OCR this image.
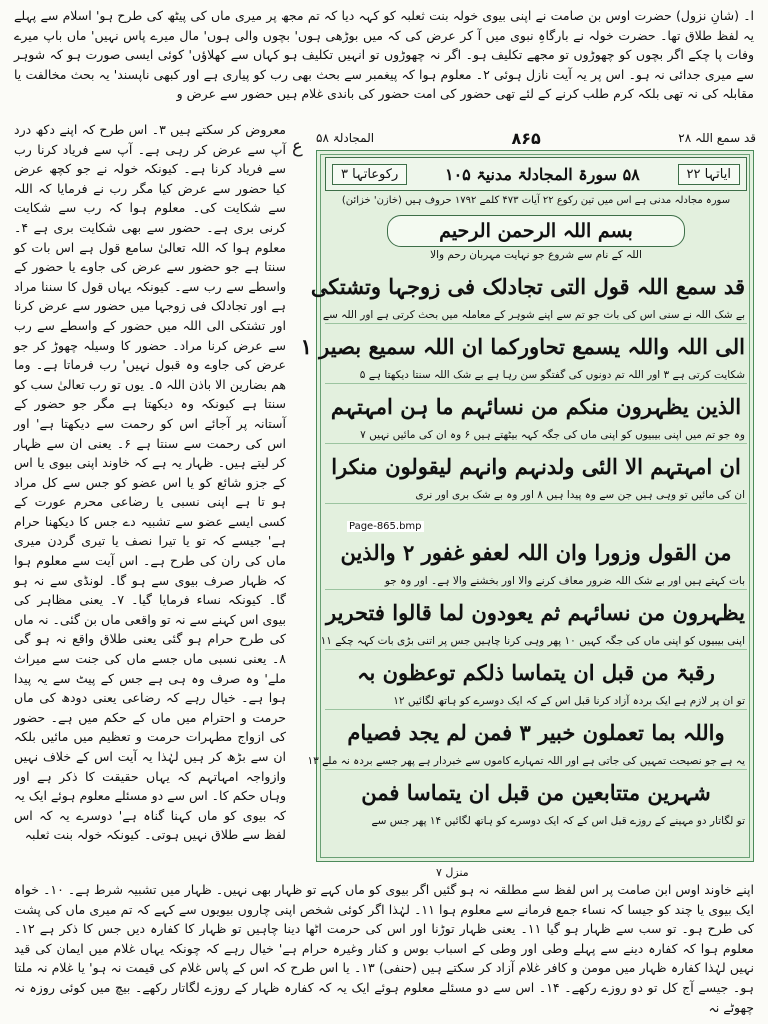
ا۔ (شانِ نزول) حضرت اوس بن صامت نے اپنی بیوی خولہ بنت ثعلبہ کو کہہ دیا کہ تم مجھ پر میری ماں کی پیٹھ کی طرح ہو' اسلام سے پہلے یہ لفظ طلاق تھا۔ حضرت خولہ نے بارگاہِ نبوی میں آ کر عرض کی کہ میں بوڑھی ہوں' بچوں والی ہوں' مال میرے پاس نہیں' ماں باپ میرے وفات پا چکے اگر بچوں کو چھوڑوں تو مجھے تکلیف ہو۔ اگر نہ چھوڑوں تو انہیں تکلیف ہو کہاں سے کھلاؤں' کوئی ایسی صورت ہو کہ شوہر سے میری جدائی نہ ہو۔ اس پر یہ آیت نازل ہوئی ۲۔ معلوم ہوا کہ پیغمبر سے بحث بھی رب کو پیاری ہے اور کبھی ناپسند' یہ بحث مخالفت یا مقابلہ کی نہ تھی بلکہ کرم طلب کرنے کے لئے تھی حضور کی امت حضور کی باندی غلام ہیں حضور سے عرض و

معروض کر سکتے ہیں ۳۔ اس طرح کہ اپنے دکھ درد آپ سے عرض کر رہی ہے۔ آپ سے فریاد کرنا رب سے فریاد کرنا ہے۔ کیونکہ خولہ نے جو کچھ عرض کیا حضور سے عرض کیا مگر رب نے فرمایا کہ اللہ سے شکایت کی۔ معلوم ہوا کہ رب سے شکایت کرنی بری ہے۔ حضور سے بھی شکایت بری ہے ۴۔ معلوم ہوا کہ اللہ تعالیٰ سامع قول ہے اس بات کو سنتا ہے جو حضور سے عرض کی جاوے یا حضور کے واسطے سے رب سے۔ کیونکہ یہاں قول کا سننا مراد ہے اور تجادلک فی زوجہا میں حضور سے عرض کرنا اور تشتکی الی اللہ میں حضور کے واسطے سے رب سے عرض کرنا مراد۔ حضور کا وسیلہ چھوڑ کر جو عرض کی جاوے وہ قبول نہیں' رب فرماتا ہے۔ وما ھم بضارین الا باذن اللہ ۵۔ یوں تو رب تعالیٰ سب کو سنتا ہے کیونکہ وہ دیکھتا ہے مگر جو حضور کے آستانہ پر آجائے اس کو رحمت سے دیکھتا ہے' اور اس کی رحمت سے سنتا ہے ۶۔ یعنی ان سے ظہار کر لیتے ہیں۔ ظہار یہ ہے کہ خاوند اپنی بیوی یا اس کے جزو شائع کو یا اس عضو کو جس سے کل مراد ہو تا ہے اپنی نسبی یا رضاعی محرم عورت کے کسی ایسے عضو سے تشبیہ دے جس کا دیکھنا حرام ہے' جیسے کہ تو یا تیرا نصف یا تیری گردن میری ماں کی ران کی طرح ہے۔ اس آیت سے معلوم ہوا کہ ظہار صرف بیوی سے ہو گا۔ لونڈی سے نہ ہو گا۔ کیونکہ نساء فرمایا گیا۔ ۷۔ یعنی مظاہر کی بیوی اس کہنے سے نہ تو واقعی ماں بن گئی۔ نہ ماں کی طرح حرام ہو گئی یعنی طلاق واقع نہ ہو گی ۸۔ یعنی نسبی ماں جسے ماں کی جنت سے میراث ملے' وہ صرف وہ ہی ہے جس کے پیٹ سے یہ پیدا ہوا ہے۔ خیال رہے کہ رضاعی یعنی دودھ کی ماں حرمت و احترام میں ماں کے حکم میں ہے۔ حضور کی ازواج مطہرات حرمت و تعظیم میں مائیں بلکہ ان سے بڑھ کر ہیں لہٰذا یہ آیت اس کے خلاف نہیں وازواجہ امہاتہم کہ یہاں حقیقت کا ذکر ہے اور وہاں حکم کا۔ اس سے دو مسئلے معلوم ہوئے ایک یہ کہ بیوی کو ماں کہنا گناہ ہے' دوسرے یہ کہ اس لفظ سے طلاق نہیں ہوتی۔ کیونکہ خولہ بنت ثعلبہ

ع	قد سمع اللہ ۲۸
۸۶۵
المجادلۃ ۵۸
ایاتہا ۲۲
۵۸ سورۃ المجادلۃ مدنیۃ ۱۰۵
رکوعاتہا ۳
سورہ مجادلہ مدنی ہے اس میں تین رکوع ۲۲ آیات ۴۷۳ کلمے ۱۷۹۲ حروف ہیں (خازن' خزائن)
بسم اللہ الرحمن الرحیم
اللہ کے نام سے شروع جو نہایت مہربان رحم والا
قد سمع اللہ قول التی تجادلک فی زوجہا وتشتکی
بے شک اللہ نے سنی اس کی بات جو تم سے اپنے شوہر کے معاملہ میں بحث کرتی ہے اور اللہ سے
الی اللہ واللہ یسمع تحاورکما ان اللہ سمیع بصیر ۱
شکایت کرتی ہے ۳ اور اللہ تم دونوں کی گفتگو سن رہا ہے بے شک اللہ سنتا دیکھتا ہے ۵
الذین یظہرون منکم من نسائہم ما ہن امہتہم
وہ جو تم میں اپنی بیبیوں کو اپنی ماں کی جگہ کہہ بیٹھتے ہیں ۶ وہ ان کی مائیں نہیں ۷
ان امہتہم الا الئی ولدنہم وانہم لیقولون منکرا
ان کی مائیں تو وہی ہیں جن سے وہ پیدا ہیں ۸ اور وہ بے شک بری اور نری
Page-865.bmp
من القول وزورا وان اللہ لعفو غفور ۲ والذین
بات کہتے ہیں اور بے شک اللہ ضرور معاف کرنے والا اور بخشنے والا ہے۔ اور وہ جو
یظہرون من نسائہم ثم یعودون لما قالوا فتحریر
اپنی بیبیوں کو اپنی ماں کی جگہ کہیں ۱۰ پھر وہی کرنا چاہیں جس پر اتنی بڑی بات کہہ چکے ۱۱
رقبۃ من قبل ان یتماسا ذلکم توعظون بہ
تو ان پر لازم ہے ایک بردہ آزاد کرنا قبل اس کے کہ ایک دوسرے کو ہاتھ لگائیں ۱۲
واللہ بما تعملون خبیر ۳ فمن لم یجد فصیام
یہ ہے جو نصیحت تمہیں کی جاتی ہے اور اللہ تمہارے کاموں سے خبردار ہے پھر جسے بردہ نہ ملے ۱۳
شہرین متتابعین من قبل ان یتماسا فمن
تو لگاتار دو مہینے کے روزے قبل اس کے کہ ایک دوسرے کو ہاتھ لگائیں ۱۴ پھر جس سے
منزل ۷

اپنے خاوند اوس ابن صامت پر اس لفظ سے مطلقہ نہ ہو گئیں اگر بیوی کو ماں کہے تو ظہار بھی نہیں۔ ظہار میں تشبیہ شرط ہے۔ ۱۰۔ خواہ ایک بیوی یا چند کو جیسا کہ نساء جمع فرمانے سے معلوم ہوا ۱۱۔ لہٰذا اگر کوئی شخص اپنی چاروں بیویوں سے کہے کہ تم میری ماں کی پشت کی طرح ہو۔ تو سب سے ظہار ہو گیا ۱۱۔ یعنی ظہار توڑنا اور اس کی حرمت اٹھا دینا چاہیں تو ظہار کا کفارہ دیں جس کا ذکر ہے ۱۲۔ معلوم ہوا کہ کفارہ دینے سے پہلے وطی اور وطی کے اسباب بوس و کنار وغیرہ حرام ہے' خیال رہے کہ چونکہ یہاں غلام میں ایمان کی قید نہیں لہٰذا کفارہ ظہار میں مومن و کافر غلام آزاد کر سکتے ہیں (حنفی) ۱۳۔ یا اس طرح کہ اس کے پاس غلام کی قیمت نہ ہو' یا غلام نہ ملتا ہو۔ جیسے آج کل تو دو روزے رکھے۔ ۱۴۔ اس سے دو مسئلے معلوم ہوئے ایک یہ کہ کفارہ ظہار کے روزے لگاتار رکھے۔ بیچ میں کوئی روزہ نہ چھوٹے نہ
